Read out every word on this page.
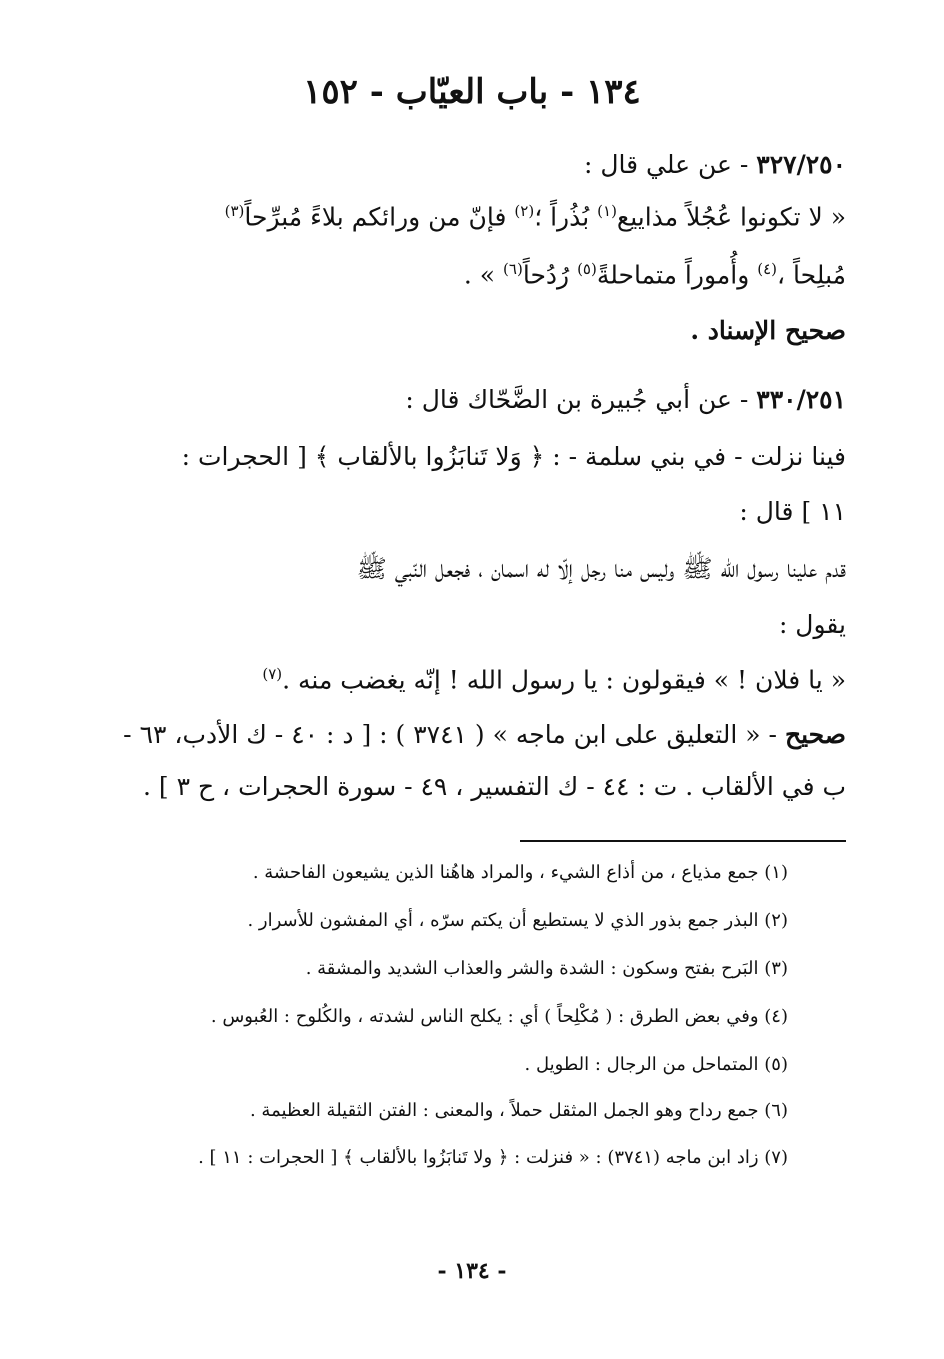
١٣٤ - باب العيّاب - ١٥٢
٣٢٧/٢٥٠ - عن علي قال :
« لا تكونوا عُجُلاً مذاييع$^{(١)}$ بُذُراً ؛$^{(٢)}$ فإنّ من ورائكم بلاءً مُبرِّحاً$^{(٣)}$
مُبلِحاً ،$^{(٤)}$ وأُموراً متماحلةً$^{(٥)}$ رُدُحاً$^{(٦)}$ » .
صحيح الإسناد .
٣٣٠/٢٥١ - عن أبي جُبيرة بن الضَّحّاك قال :
فينا نزلت - في بني سلمة - : ﴿ وَلا تَنابَزُوا بالألقاب ﴾ [ الحجرات :
١١ ] قال :
قدم علينا رسول الله ﷺ وليس منا رجل إلّا له اسمان ، فجعل النّبي ﷺ
يقول :
« يا فلان ! » فيقولون : يا رسول الله ! إنّه يغضب منه .$^{(٧)}$
صحيح - « التعليق على ابن ماجه » ( ٣٧٤١ ) : [ د : ٤٠ - ك الأدب، ٦٣ -
ب في الألقاب . ت : ٤٤ - ك التفسير ، ٤٩ - سورة الحجرات ، ح ٣ ] .
(١) جمع مذياع ، من أذاع الشيء ، والمراد هاهُنا الذين يشيعون الفاحشة .
(٢) البذر جمع بذور الذي لا يستطيع أن يكتم سرّه ، أي المفشون للأسرار .
(٣) البَرح بفتح وسكون : الشدة والشر والعذاب الشديد والمشقة .
(٤) وفي بعض الطرق : ( مُكْلِحاً ) أي : يكلح الناس لشدته ، والكُلوح : العُبوس .
(٥) المتماحل من الرجال : الطويل .
(٦) جمع رداح وهو الجمل المثقل حملاً ، والمعنى : الفتن الثقيلة العظيمة .
(٧) زاد ابن ماجه (٣٧٤١) : « فنزلت : ﴿ ولا تَنابَزُوا بالألقاب ﴾ [ الحجرات : ١١ ] .
- ١٣٤ -
